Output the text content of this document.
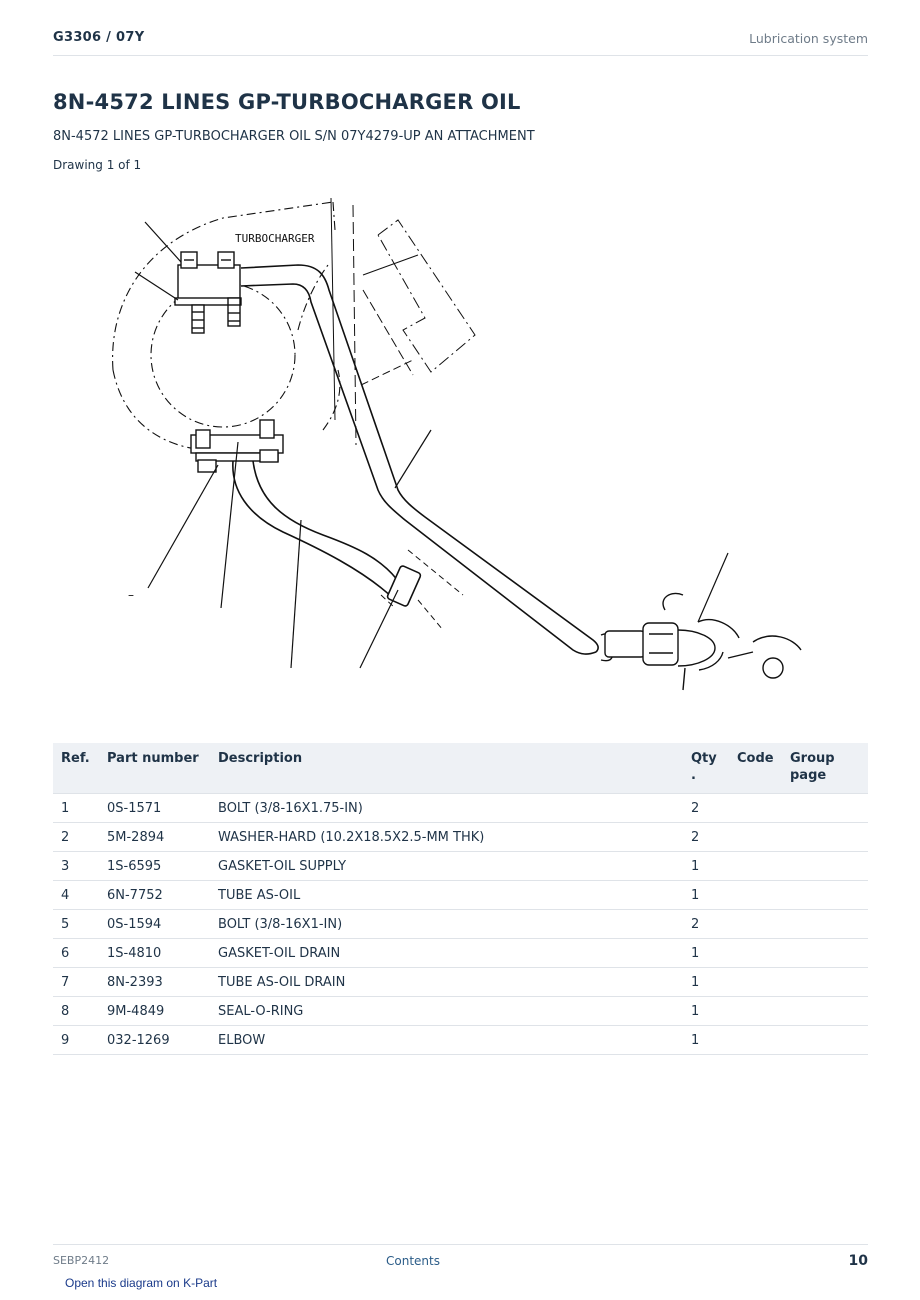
G3306 / 07Y	Lubrication system
8N-4572 LINES GP-TURBOCHARGER OIL
8N-4572 LINES GP-TURBOCHARGER OIL S/N 07Y4279-UP AN ATTACHMENT
Drawing 1 of 1
TURBOCHARGER
–
Ref.	Part number	Description	Qty .	Code	Group page
1	0S-1571	BOLT (3/8-16X1.75-IN)	2		
2	5M-2894	WASHER-HARD (10.2X18.5X2.5-MM THK)	2		
3	1S-6595	GASKET-OIL SUPPLY	1		
4	6N-7752	TUBE AS-OIL	1		
5	0S-1594	BOLT (3/8-16X1-IN)	2		
6	1S-4810	GASKET-OIL DRAIN	1		
7	8N-2393	TUBE AS-OIL DRAIN	1		
8	9M-4849	SEAL-O-RING	1		
9	032-1269	ELBOW	1		
SEBP2412	Contents	10
Open this diagram on K-Part
